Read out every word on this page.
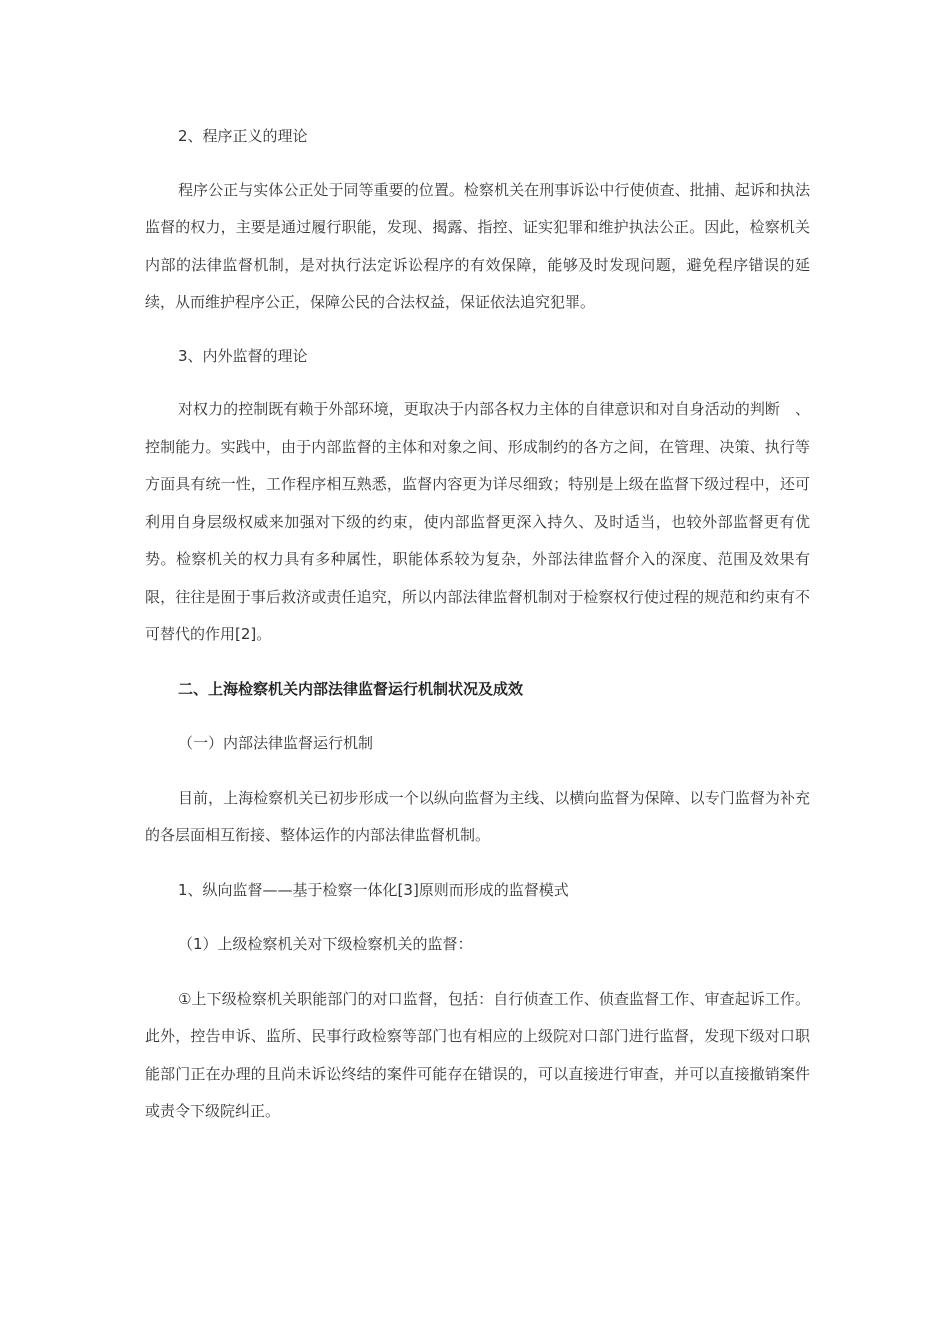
2、程序正义的理论

程序公正与实体公正处于同等重要的位置。检察机关在刑事诉讼中行使侦查、批捕、起诉和执法监督的权力，主要是通过履行职能，发现、揭露、指控、证实犯罪和维护执法公正。因此，检察机关内部的法律监督机制，是对执行法定诉讼程序的有效保障，能够及时发现问题，避免程序错误的延续，从而维护程序公正，保障公民的合法权益，保证依法追究犯罪。

3、内外监督的理论

对权力的控制既有赖于外部环境，更取决于内部各权力主体的自律意识和对自身活动的判断　、控制能力。实践中，由于内部监督的主体和对象之间、形成制约的各方之间，在管理、决策、执行等方面具有统一性，工作程序相互熟悉，监督内容更为详尽细致；特别是上级在监督下级过程中，还可利用自身层级权威来加强对下级的约束，使内部监督更深入持久、及时适当，也较外部监督更有优势。检察机关的权力具有多种属性，职能体系较为复杂，外部法律监督介入的深度、范围及效果有限，往往是囿于事后救济或责任追究，所以内部法律监督机制对于检察权行使过程的规范和约束有不可替代的作用[2]。

二、上海检察机关内部法律监督运行机制状况及成效

（一）内部法律监督运行机制

目前，上海检察机关已初步形成一个以纵向监督为主线、以横向监督为保障、以专门监督为补充的各层面相互衔接、整体运作的内部法律监督机制。

1、纵向监督——基于检察一体化[3]原则而形成的监督模式

（1）上级检察机关对下级检察机关的监督：

①上下级检察机关职能部门的对口监督，包括：自行侦查工作、侦查监督工作、审查起诉工作。此外，控告申诉、监所、民事行政检察等部门也有相应的上级院对口部门进行监督，发现下级对口职能部门正在办理的且尚未诉讼终结的案件可能存在错误的，可以直接进行审查，并可以直接撤销案件或责令下级院纠正。
